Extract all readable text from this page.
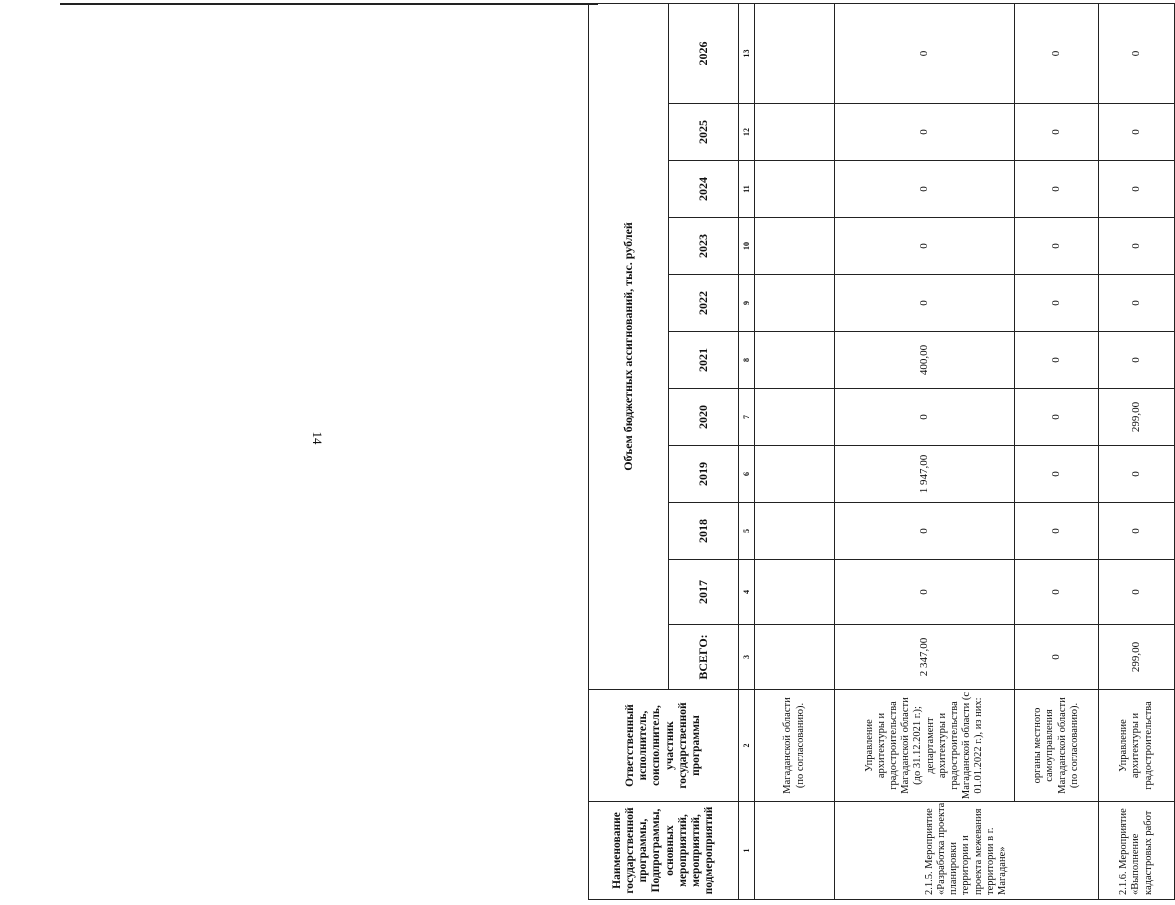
14
Наименование государственной программы, Подпрограммы, основных мероприятий, мероприятий, подмероприятий	Ответственный исполнитель, соисполнитель, участник государственной программы	Объем бюджетных ассигнований, тыс. рублей										
		ВСЕГО:	2017	2018	2019	2020	2021	2022	2023	2024	2025	2026
1	2	3	4	5	6	7	8	9	10	11	12	13
	Магаданской области (по согласованию).											
2.1.5. Мероприятие «Разработка проекта планировки территории и проекта межевания территории в г. Магадане»	Управление архитектуры и градостроительства Магаданской области (до 31.12.2021 г.); департамент архитектуры и градостроительства Магаданской области (с 01.01.2022 г.), из них:	2 347,00	0	0	1 947,00	0	400,00	0	0	0	0	0
	органы местного самоуправления Магаданской области (по согласованию).	0	0	0	0	0	0	0	0	0	0	0
2.1.6. Мероприятие «Выполнение кадастровых работ	Управление архитектуры и градостроительства	299,00	0	0	0	299,00	0	0	0	0	0	0
